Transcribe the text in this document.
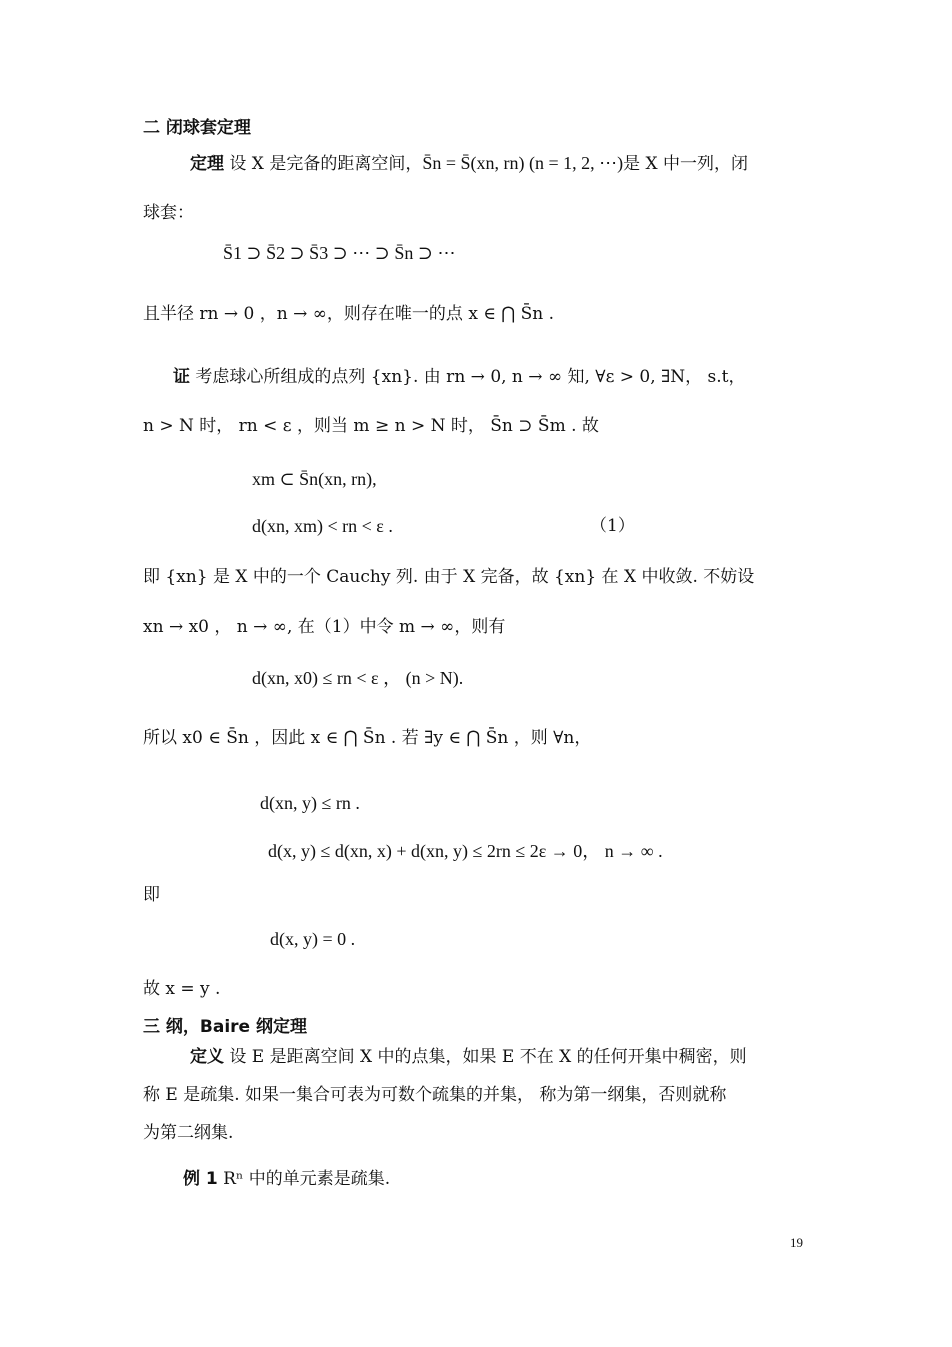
二 闭球套定理
定理 设 X 是完备的距离空间，S̄n = S̄(xn, rn) (n = 1, 2, ⋯)是 X 中一列，闭
球套：
S̄1 ⊃ S̄2 ⊃ S̄3 ⊃ ⋯ ⊃ S̄n ⊃ ⋯
且半径 rn → 0 ，n → ∞，则存在唯一的点 x ∈ ⋂ S̄n .
证 考虑球心所组成的点列 {xn}. 由 rn → 0, n → ∞ 知, ∀ε > 0, ∃N， s.t，
n > N 时， rn < ε ，则当 m ≥ n > N 时， S̄n ⊃ S̄m . 故
xm ⊂ S̄n(xn, rn),
d(xn, xm) < rn < ε .	（1）
即 {xn} 是 X 中的一个 Cauchy 列. 由于 X 完备，故 {xn} 在 X 中收敛. 不妨设
xn → x0 ， n → ∞, 在（1）中令 m → ∞，则有
d(xn, x0) ≤ rn < ε ， (n > N).
所以 x0 ∈ S̄n ，因此 x ∈ ⋂ S̄n . 若 ∃y ∈ ⋂ S̄n ，则 ∀n，
d(xn, y) ≤ rn .
d(x, y) ≤ d(xn, x) + d(xn, y) ≤ 2rn ≤ 2ε → 0， n → ∞ .
即
d(x, y) = 0 .
故 x = y .
三 纲，Baire 纲定理
定义 设 E 是距离空间 X 中的点集，如果 E 不在 X 的任何开集中稠密，则
称 E 是疏集. 如果一集合可表为可数个疏集的并集， 称为第一纲集，否则就称
为第二纲集.
例 1 Rⁿ 中的单元素是疏集.
19
